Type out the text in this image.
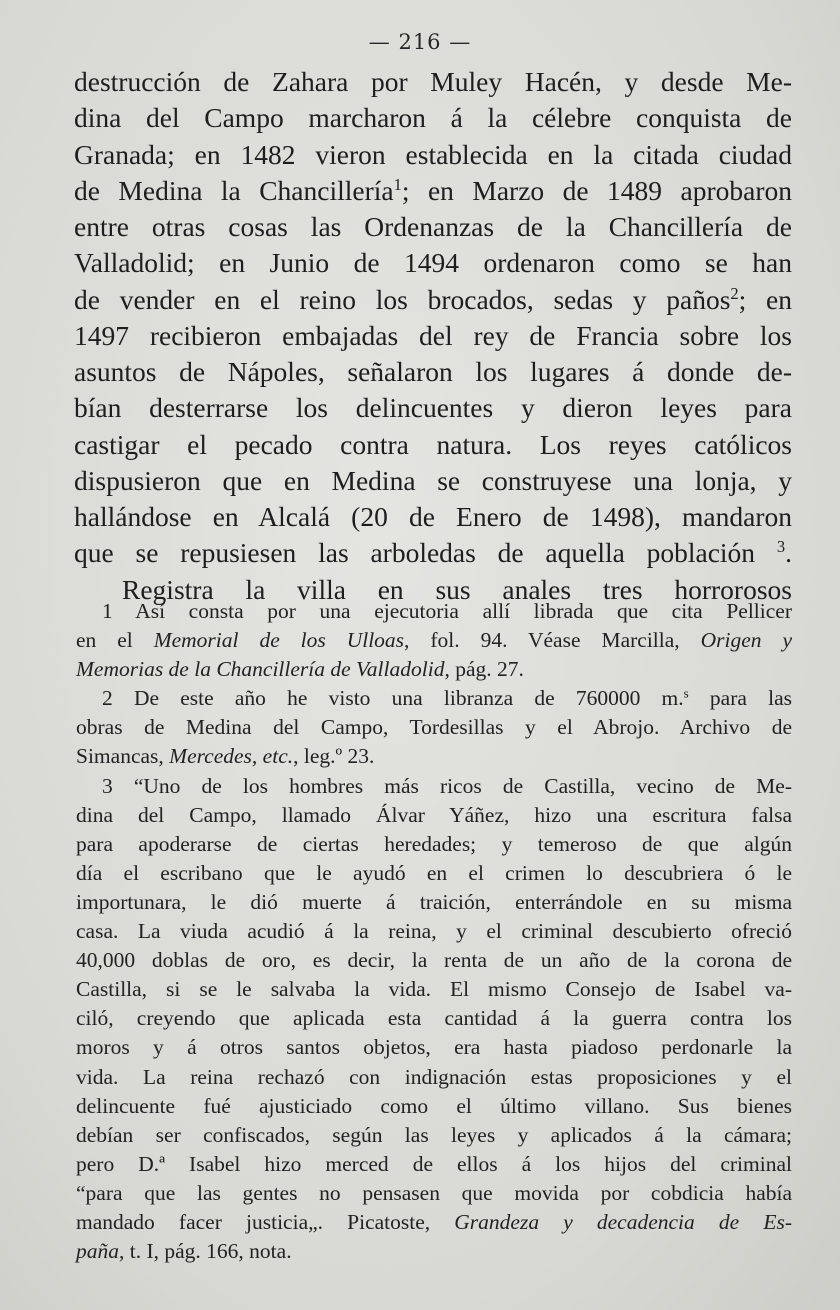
— 216 —
destrucción de Zahara por Muley Hacén, y desde Me-
dina del Campo marcharon á la célebre conquista de
Granada; en 1482 vieron establecida en la citada ciudad
de Medina la Chancillería$^1$; en Marzo de 1489 aprobaron
entre otras cosas las Ordenanzas de la Chancillería de
Valladolid; en Junio de 1494 ordenaron como se han
de vender en el reino los brocados, sedas y paños$^2$; en
1497 recibieron embajadas del rey de Francia sobre los
asuntos de Nápoles, señalaron los lugares á donde de-
bían desterrarse los delincuentes y dieron leyes para
castigar el pecado contra natura. Los reyes católicos
dispusieron que en Medina se construyese una lonja, y
hallándose en Alcalá (20 de Enero de 1498), mandaron
que se repusiesen las arboledas de aquella población $^3$.
Registra la villa en sus anales tres horrorosos
1 Así consta por una ejecutoria allí librada que cita Pellicer
en el Memorial de los Ulloas, fol. 94. Véase Marcilla, Origen y
Memorias de la Chancillería de Valladolid, pág. 27.
2 De este año he visto una libranza de 760000 m.$^s$ para las
obras de Medina del Campo, Tordesillas y el Abrojo. Archivo de
Simancas, Mercedes, etc., leg.º 23.
3 “Uno de los hombres más ricos de Castilla, vecino de Me-
dina del Campo, llamado Álvar Yáñez, hizo una escritura falsa
para apoderarse de ciertas heredades; y temeroso de que algún
día el escribano que le ayudó en el crimen lo descubriera ó le
importunara, le dió muerte á traición, enterrándole en su misma
casa. La viuda acudió á la reina, y el criminal descubierto ofreció
40,000 doblas de oro, es decir, la renta de un año de la corona de
Castilla, si se le salvaba la vida. El mismo Consejo de Isabel va-
ciló, creyendo que aplicada esta cantidad á la guerra contra los
moros y á otros santos objetos, era hasta piadoso perdonarle la
vida. La reina rechazó con indignación estas proposiciones y el
delincuente fué ajusticiado como el último villano. Sus bienes
debían ser confiscados, según las leyes y aplicados á la cámara;
pero D.ª Isabel hizo merced de ellos á los hijos del criminal
“para que las gentes no pensasen que movida por cobdicia había
mandado facer justicia„. Picatoste, Grandeza y decadencia de Es-
paña, t. I, pág. 166, nota.
